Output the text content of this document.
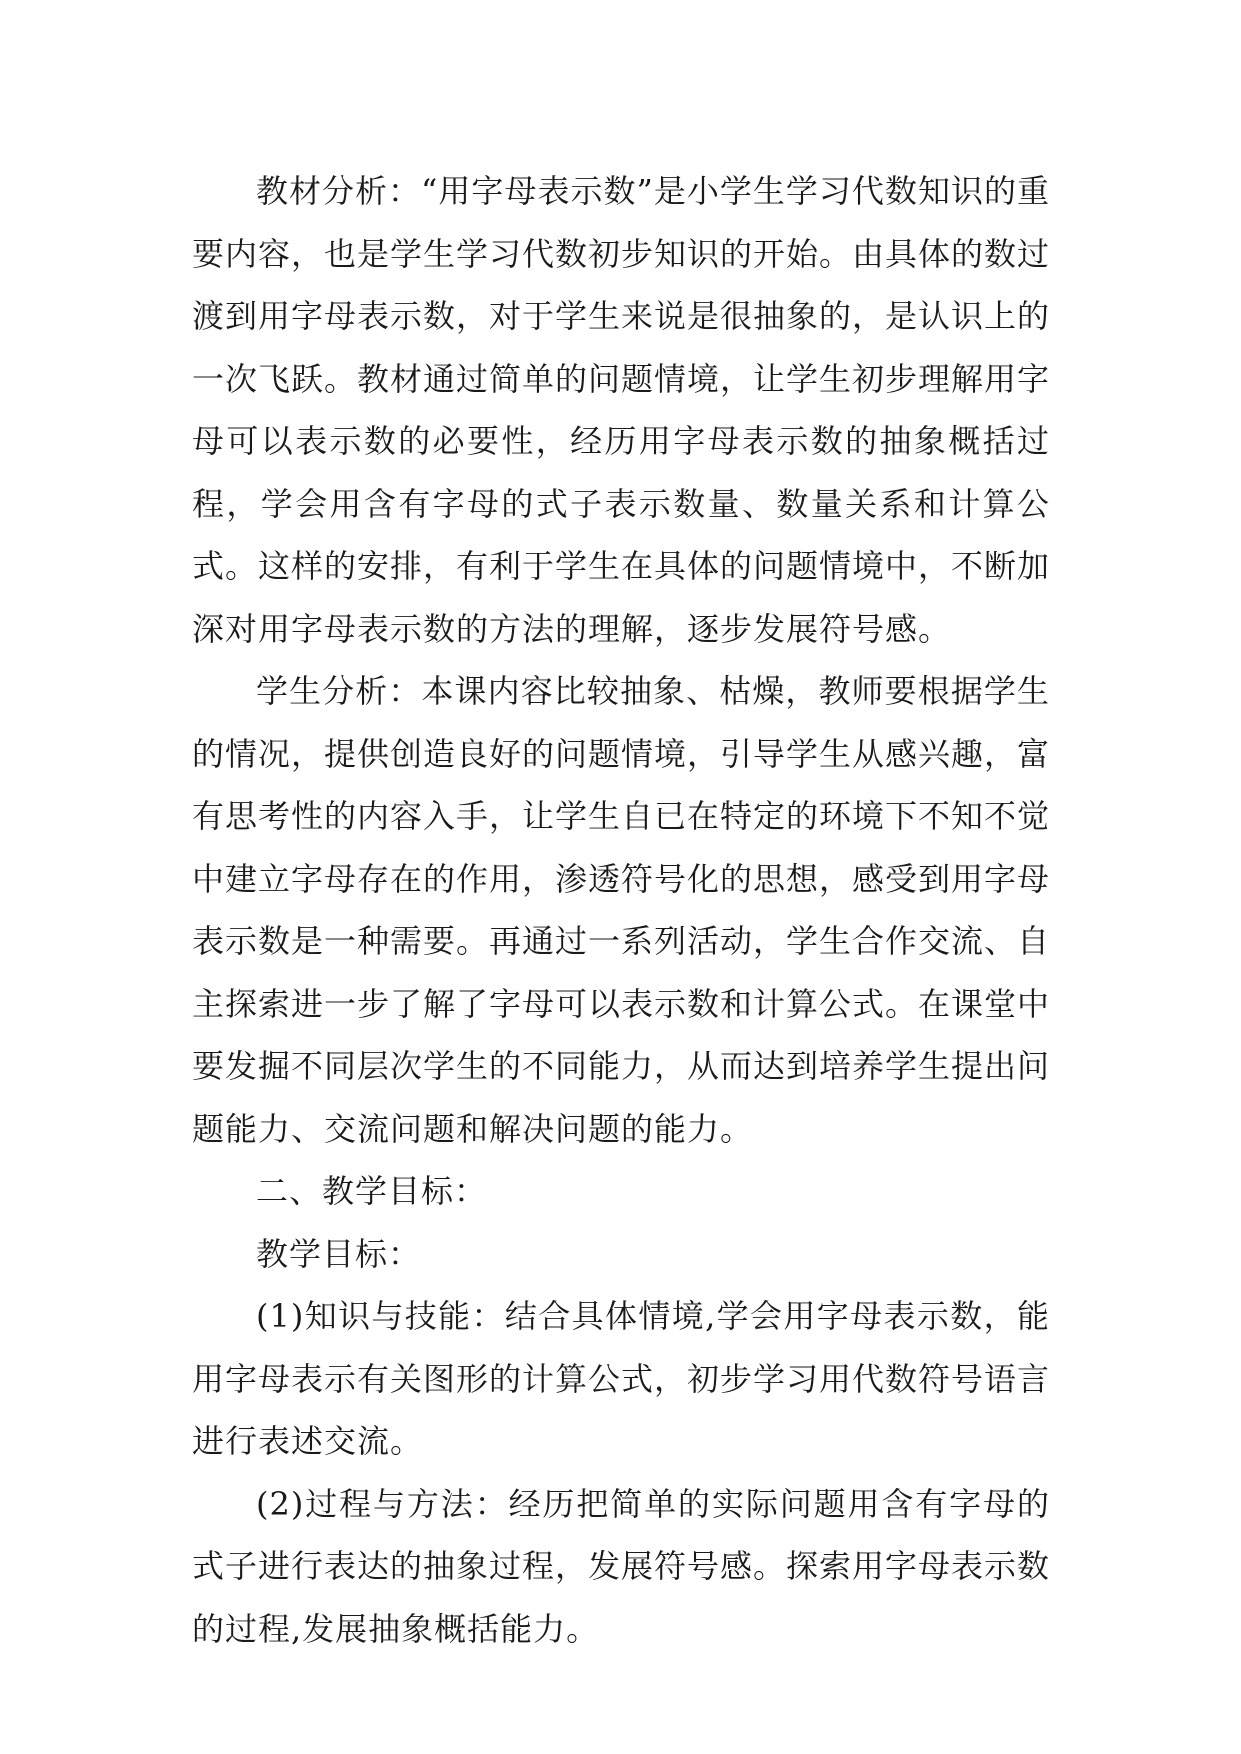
教材分析：“用字母表示数”是小学生学习代数知识的重要内容，也是学生学习代数初步知识的开始。由具体的数过渡到用字母表示数，对于学生来说是很抽象的，是认识上的一次飞跃。教材通过简单的问题情境，让学生初步理解用字母可以表示数的必要性，经历用字母表示数的抽象概括过程，学会用含有字母的式子表示数量、数量关系和计算公式。这样的安排，有利于学生在具体的问题情境中，不断加深对用字母表示数的方法的理解，逐步发展符号感。

学生分析：本课内容比较抽象、枯燥，教师要根据学生的情况，提供创造良好的问题情境，引导学生从感兴趣，富有思考性的内容入手，让学生自已在特定的环境下不知不觉中建立字母存在的作用，渗透符号化的思想，感受到用字母表示数是一种需要。再通过一系列活动，学生合作交流、自主探索进一步了解了字母可以表示数和计算公式。在课堂中要发掘不同层次学生的不同能力，从而达到培养学生提出问题能力、交流问题和解决问题的能力。

二、教学目标：

教学目标：

(1)知识与技能：结合具体情境,学会用字母表示数，能用字母表示有关图形的计算公式，初步学习用代数符号语言进行表述交流。

(2)过程与方法：经历把简单的实际问题用含有字母的式子进行表达的抽象过程，发展符号感。探索用字母表示数的过程,发展抽象概括能力。
